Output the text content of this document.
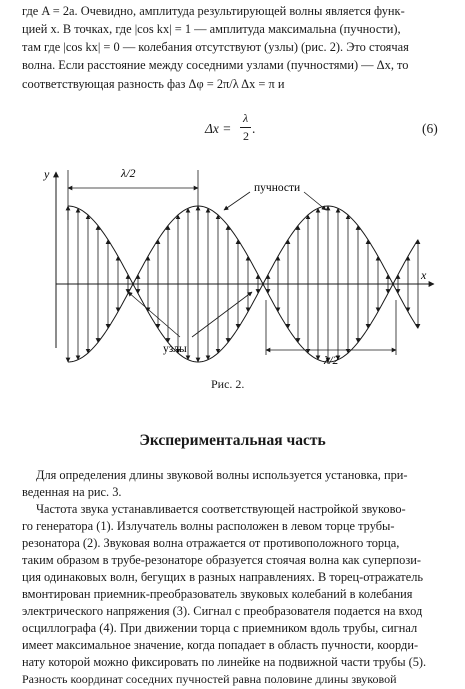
где A = 2a. Очевидно, амплитуда результирующей волны является функ-
цией x. В точках, где |cos kx| = 1 — амплитуда максимальна (пучности),
там где |cos kx| = 0 — колебания отсутствуют (узлы) (рис. 2). Это стоячая
волна. Если расстояние между соседними узлами (пучностями) — Δx, то
соответствующая разность фаз Δφ = 2π/λ Δx = π и
Δx =
λ
2 .	(6)
y
x
λ/2
пучности
узлы
λ/2
Рис. 2.
Экспериментальная часть
Для определения длины звуковой волны используется установка, при-
веденная на рис. 3.
Частота звука устанавливается соответствующей настройкой звуково-
го генератора (1). Излучатель волны расположен в левом торце трубы-
резонатора (2). Звуковая волна отражается от противоположного торца,
таким образом в трубе-резонаторе образуется стоячая волна как суперпози-
ция одинаковых волн, бегущих в разных направлениях. В торец-отражатель
вмонтирован приемник-преобразователь звуковых колебаний в колебания
электрического напряжения (3). Сигнал с преобразователя подается на вход
осциллографа (4). При движении торца с приемником вдоль трубы, сигнал
имеет максимальное значение, когда попадает в область пучности, коорди-
нату которой можно фиксировать по линейке на подвижной части трубы (5).
Разность координат соседних пучностей равна половине длины звуковой
